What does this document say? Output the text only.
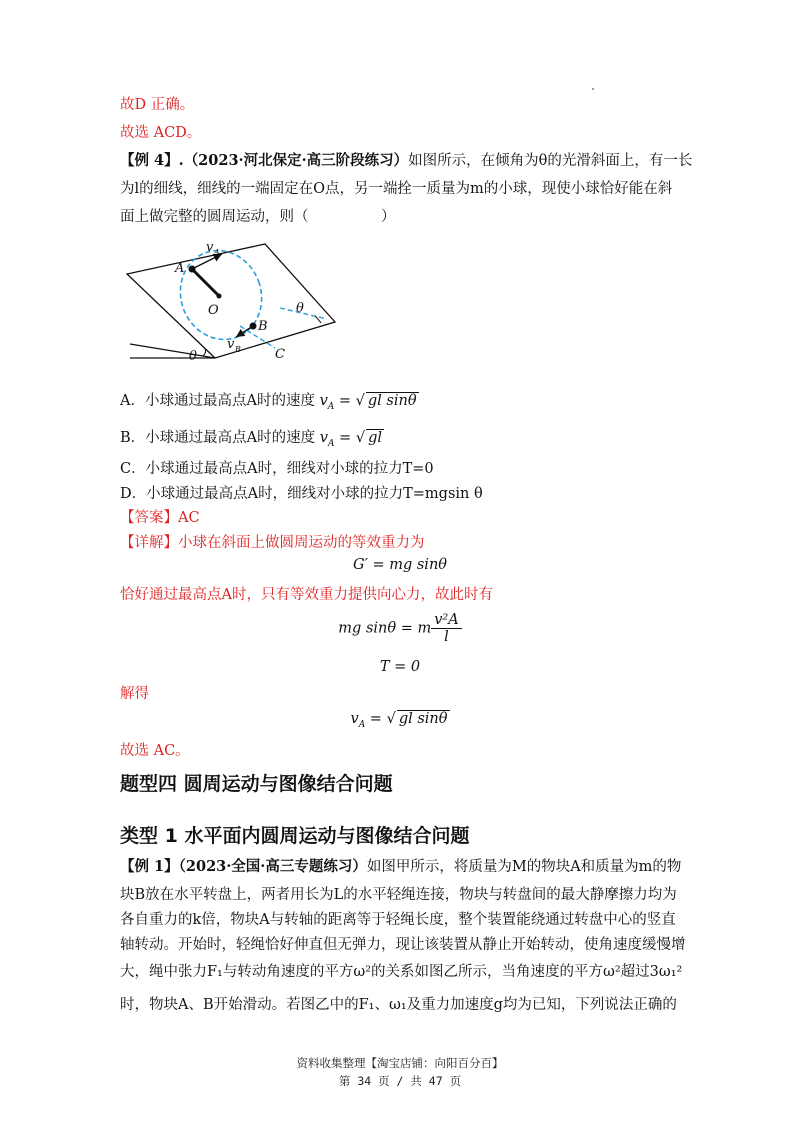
故D 正确。
故选 ACD。
【例 4】.（2023·河北保定·高三阶段练习）如图所示，在倾角为θ的光滑斜面上，有一长
为l的细线，细线的一端固定在O点，另一端拴一质量为m的小球，现使小球恰好能在斜
面上做完整的圆周运动，则（　　　　　）
A
v A
O
B
v B	C
θ
θ
A．小球通过最高点A时的速度 $v_A$ = √ gl sinθ
B．小球通过最高点A时的速度 $v_A$ = √ gl
C．小球通过最高点A时，细线对小球的拉力T=0
D．小球通过最高点A时，细线对小球的拉力T=mgsin θ
【答案】AC
【详解】小球在斜面上做圆周运动的等效重力为
G′ = mg sinθ
恰好通过最高点A时，只有等效重力提供向心力，故此时有
mg sinθ = m $\frac{\text{v²A}}{l}$
T = 0
解得
$v_A$ = √ gl sinθ
故选 AC。
题型四 圆周运动与图像结合问题
类型 1 水平面内圆周运动与图像结合问题
【例 1】（2023·全国·高三专题练习）如图甲所示，将质量为M的物块A和质量为m的物
块B放在水平转盘上，两者用长为L的水平轻绳连接，物块与转盘间的最大静摩擦力均为
各自重力的k倍，物块A与转轴的距离等于轻绳长度，整个装置能绕通过转盘中心的竖直
轴转动。开始时，轻绳恰好伸直但无弹力，现让该装置从静止开始转动，使角速度缓慢增
大，绳中张力F₁与转动角速度的平方ω²的关系如图乙所示，当角速度的平方ω²超过3ω₁²
时，物块A、B开始滑动。若图乙中的F₁、ω₁及重力加速度g均为已知，下列说法正确的
资料收集整理【淘宝店铺：向阳百分百】
第 34 页 / 共 47 页
